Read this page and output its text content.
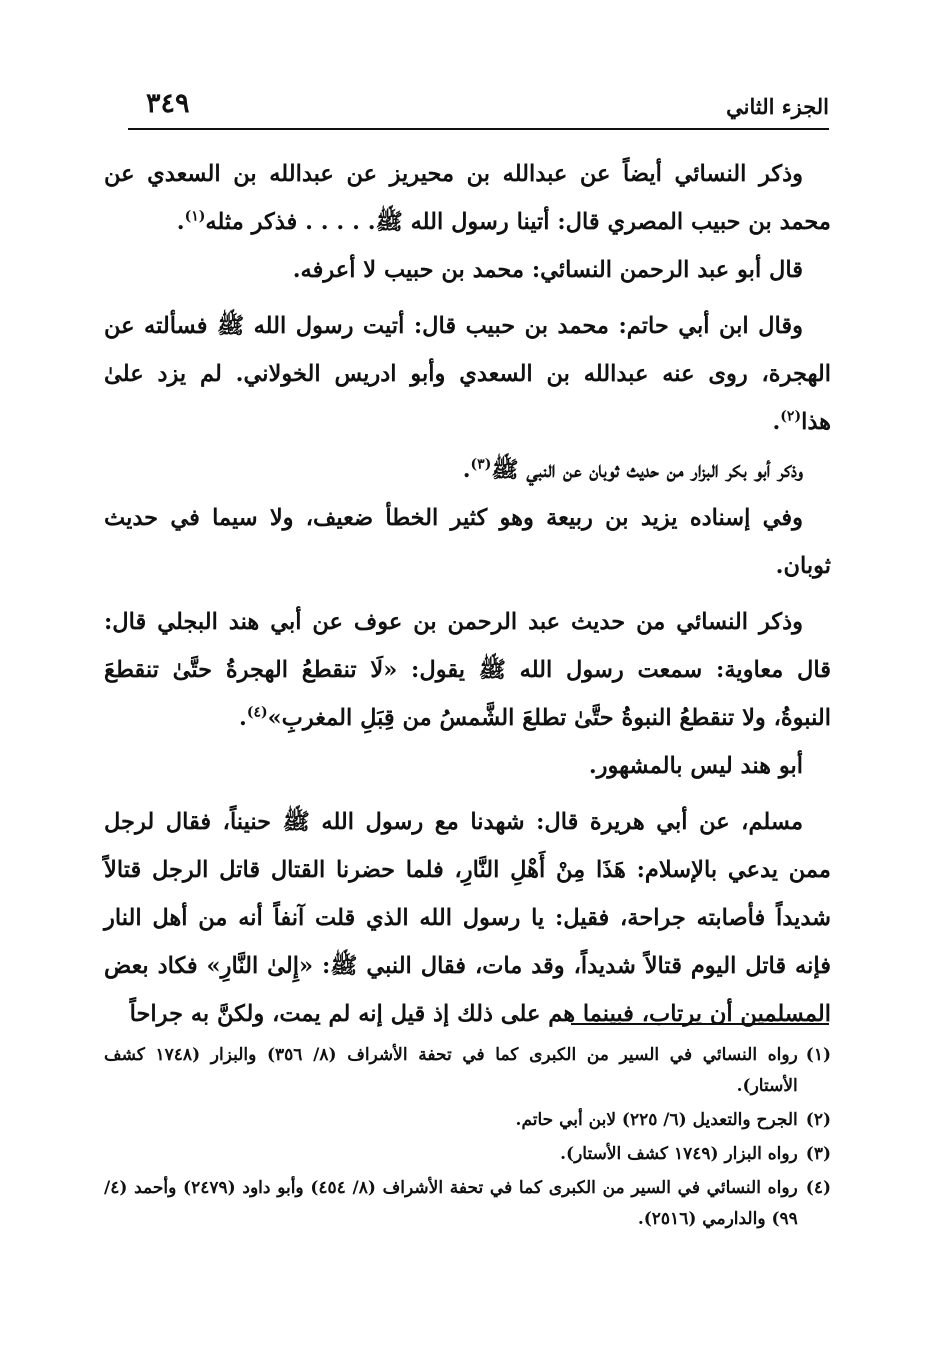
الجزء الثاني
٣٤٩

وذكر النسائي أيضاً عن عبدالله بن محيريز عن عبدالله بن السعدي عن محمد بن حبيب المصري قال: أتينا رسول الله ﷺ. . . . . فذكر مثله$^{(١)}$.

قال أبو عبد الرحمن النسائي: محمد بن حبيب لا أعرفه.

وقال ابن أبي حاتم: محمد بن حبيب قال: أتيت رسول الله ﷺ فسألته عن الهجرة، روى عنه عبدالله بن السعدي وأبو ادريس الخولاني. لم يزد علىٰ هذا$^{(٢)}$.

وذكر أبو بكر البزار من حديث ثوبان عن النبي ﷺ$^{(٣)}$.

وفي إسناده يزيد بن ربيعة وهو كثير الخطأ ضعيف، ولا سيما في حديث ثوبان.

وذكر النسائي من حديث عبد الرحمن بن عوف عن أبي هند البجلي قال: قال معاوية: سمعت رسول الله ﷺ يقول: «لَا تنقطعُ الهجرةُ حتَّىٰ تنقطعَ النبوةُ، ولا تنقطعُ النبوةُ حتَّىٰ تطلعَ الشَّمسُ من قِبَلِ المغربِ»$^{(٤)}$.

أبو هند ليس بالمشهور.

مسلم، عن أبي هريرة قال: شهدنا مع رسول الله ﷺ حنيناً، فقال لرجل ممن يدعي بالإسلام: هَذَا مِنْ أَهْلِ النَّارِ، فلما حضرنا القتال قاتل الرجل قتالاً شديداً فأصابته جراحة، فقيل: يا رسول الله الذي قلت آنفاً أنه من أهل النار فإنه قاتل اليوم قتالاً شديداً، وقد مات، فقال النبي ﷺ: «إِلىٰ النَّارِ» فكاد بعض المسلمين أن يرتاب، فبينما هم على ذلك إذ قيل إنه لم يمت، ولكنَّ به جراحاً

(١)
رواه النسائي في السير من الكبرى كما في تحفة الأشراف (٨/ ٣٥٦) والبزار (١٧٤٨ كشف الأستار).

(٢)
الجرح والتعديل (٦/ ٢٢٥) لابن أبي حاتم.

(٣)
رواه البزار (١٧٤٩ كشف الأستار).

(٤)
رواه النسائي في السير من الكبرى كما في تحفة الأشراف (٨/ ٤٥٤) وأبو داود (٢٤٧٩) وأحمد (٤/ ٩٩) والدارمي (٢٥١٦).
